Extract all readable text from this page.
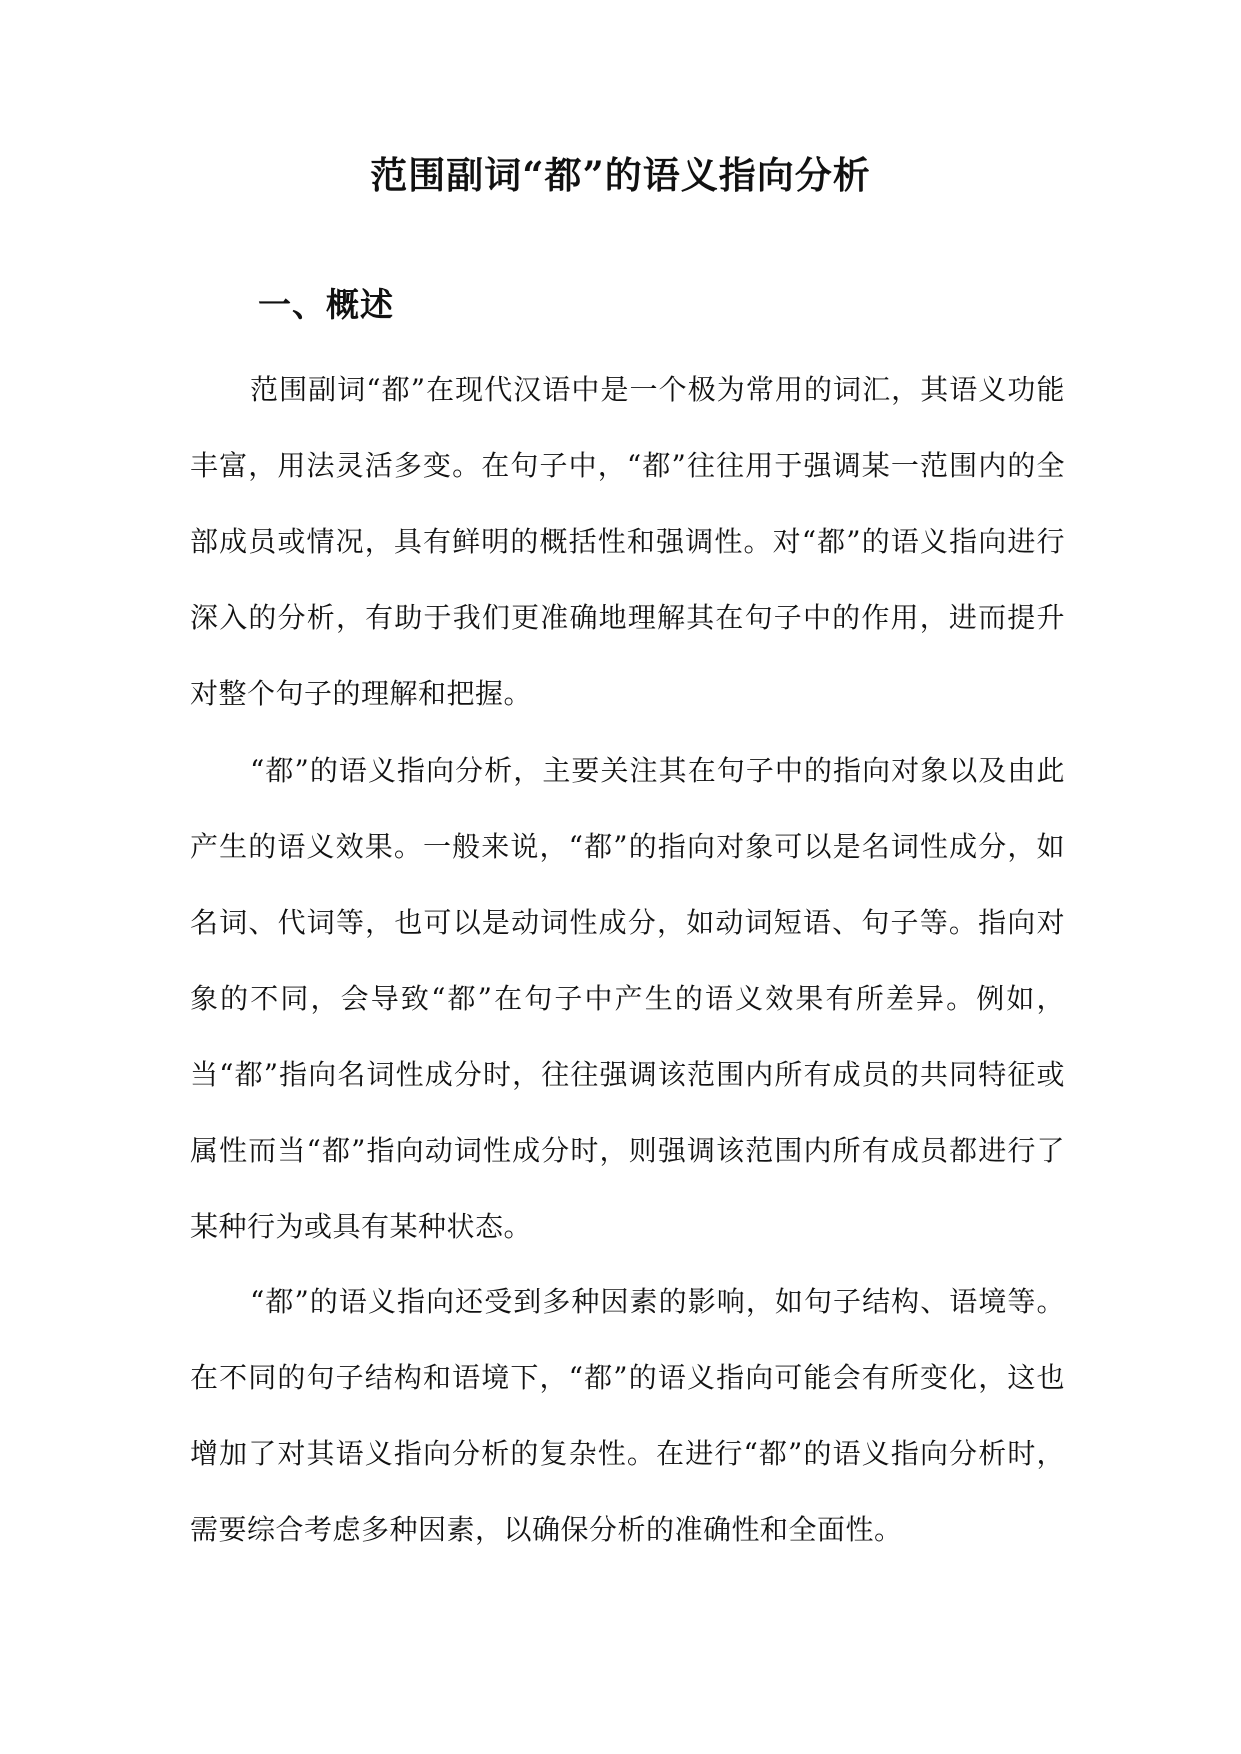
范围副词“都”的语义指向分析
一、概述

范围副词“都”在现代汉语中是一个极为常用的词汇，其语义功能丰富，用法灵活多变。在句子中，“都”往往用于强调某一范围内的全部成员或情况，具有鲜明的概括性和强调性。对“都”的语义指向进行深入的分析，有助于我们更准确地理解其在句子中的作用，进而提升对整个句子的理解和把握。

“都”的语义指向分析，主要关注其在句子中的指向对象以及由此产生的语义效果。一般来说，“都”的指向对象可以是名词性成分，如名词、代词等，也可以是动词性成分，如动词短语、句子等。指向对象的不同，会导致“都”在句子中产生的语义效果有所差异。例如，当“都”指向名词性成分时，往往强调该范围内所有成员的共同特征或属性而当“都”指向动词性成分时，则强调该范围内所有成员都进行了某种行为或具有某种状态。

“都”的语义指向还受到多种因素的影响，如句子结构、语境等。在不同的句子结构和语境下，“都”的语义指向可能会有所变化，这也增加了对其语义指向分析的复杂性。在进行“都”的语义指向分析时，需要综合考虑多种因素，以确保分析的准确性和全面性。
